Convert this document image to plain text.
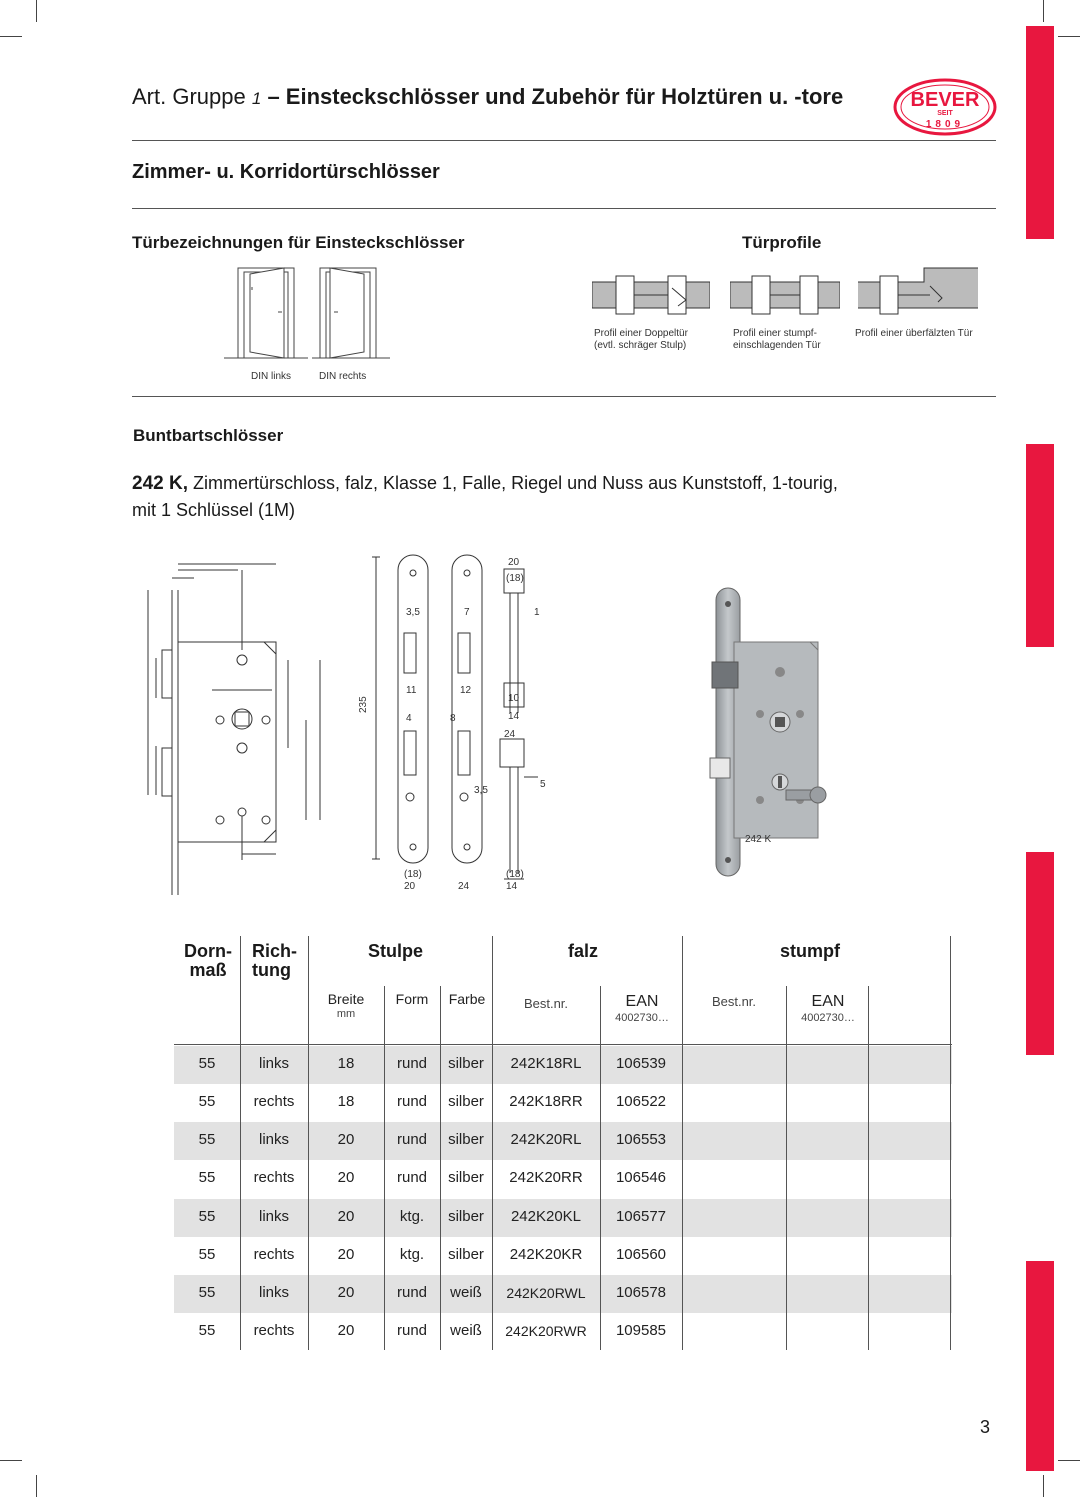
Art. Gruppe 1 – Einsteckschlösser und Zubehör für Holztüren u. -tore	BEVER
SEIT
1809
Zimmer- u. Korridortürschlösser
Türbezeichnungen für Einsteckschlösser
DIN links	DIN rechts
Türprofile
Profil einer Doppeltür (evtl. schräger Stulp)
Profil einer stumpf- einschlagenden Tür
Profil einer überfälzten Tür
Buntbartschlösser
242 K, Zimmertürschloss, falz, Klasse 1, Falle, Riegel und Nuss aus Kunststoff, 1-tourig, mit 1 Schlüssel (1M)
235
3,5
11
4
3,5
(18)
20
7
12
8
24
20
(18)
1
10
14
24
5
14
(18)
242 K
Dorn- maß
Rich- tung
Stulpe	falz	stumpf
Breite
mm
Form	Farbe	Best.nr.	EAN
4002730…
Best.nr.	EAN
4002730…
55	links	18	rund	silber	242K18RL	106539
55	rechts	18	rund	silber	242K18RR	106522
55	links	20	rund	silber	242K20RL	106553
55	rechts	20	rund	silber	242K20RR	106546
55	links	20	ktg.	silber	242K20KL	106577
55	rechts	20	ktg.	silber	242K20KR	106560
55	links	20	rund	weiß	242K20RWL	106578
55	rechts	20	rund	weiß	242K20RWR	109585
3
